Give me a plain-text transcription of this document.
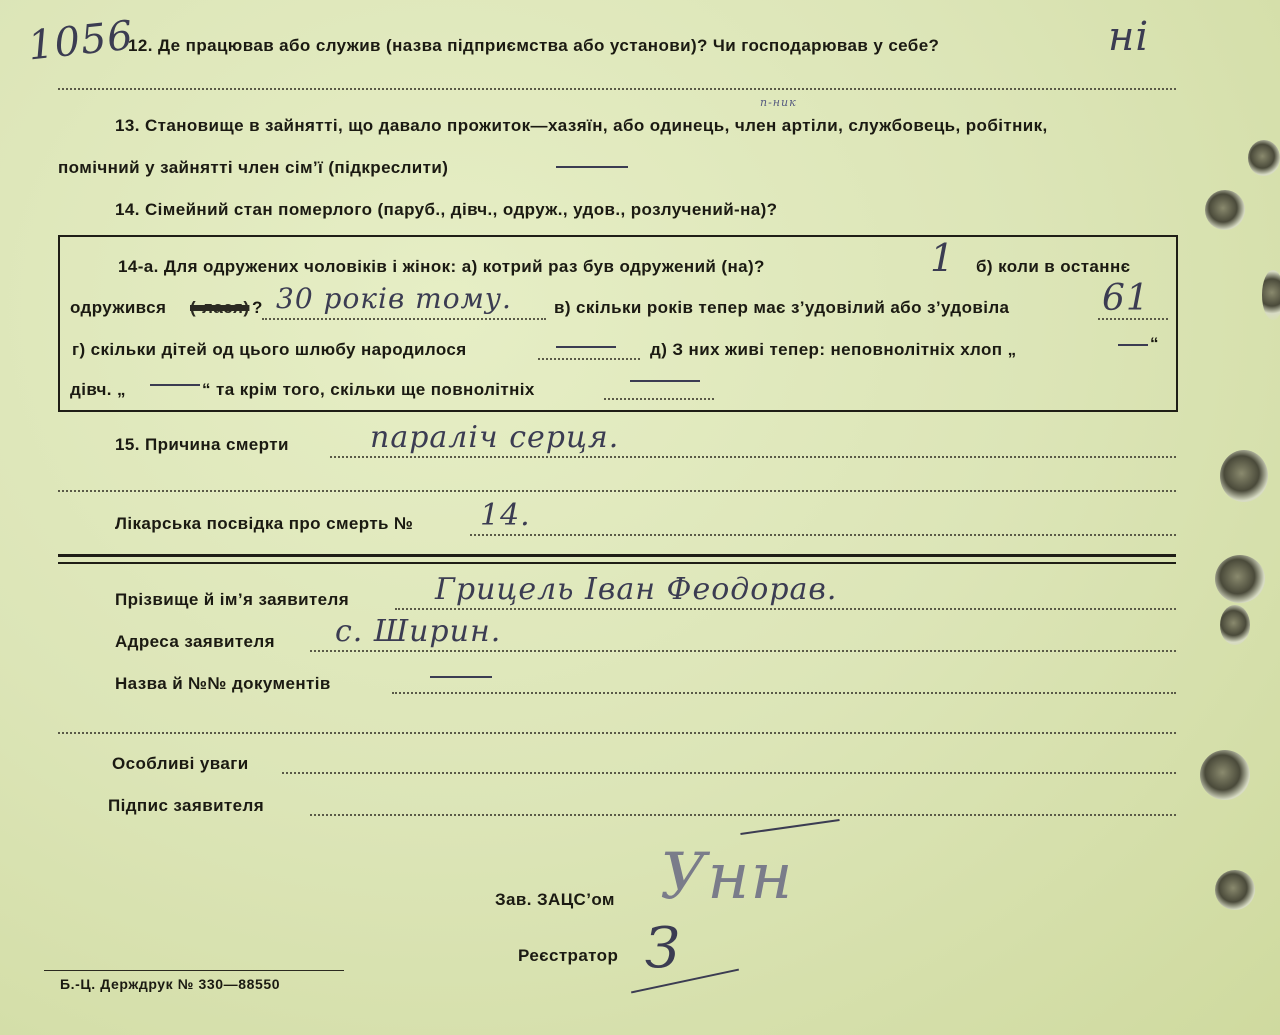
1056
12. Де працював або служив (назва підприємства або установи)? Чи господарював у себе?	ні
п-ник
13. Становище в зайнятті, що давало прожиток—хазяїн, або одинець, член артіли, службовець, робітник,
помічний у зайнятті член сім’ї (підкреслити)
14. Сімейний стан померлого (паруб., дівч., одруж., удов., розлучений-на)?
14-а. Для одружених чоловіків і жінок: а) котрий раз був одружений (на)?	1 б) коли в останнє
одружився (-лася) ? 30 років тому. в) скільки років тепер має з’удовілий або з’удовіла	61
г) скільки дітей од цього шлюбу народилося	д) З них живі тепер: неповнолітніх хлоп „	“
дівч. „	“ та крім того, скільки ще повнолітніх
15. Причина смерти	параліч серця.
Лікарська посвідка про смерть № 14.
Прізвище й ім’я заявителя	Грицель Іван Феодорав.
Адреса заявителя с. Ширин.
Назва й №№ документів
Особливі уваги
Підпис заявителя
Зав. ЗАЦС’ом Унн
Реєстратор З
Б.-Ц. Держдрук № 330—88550
